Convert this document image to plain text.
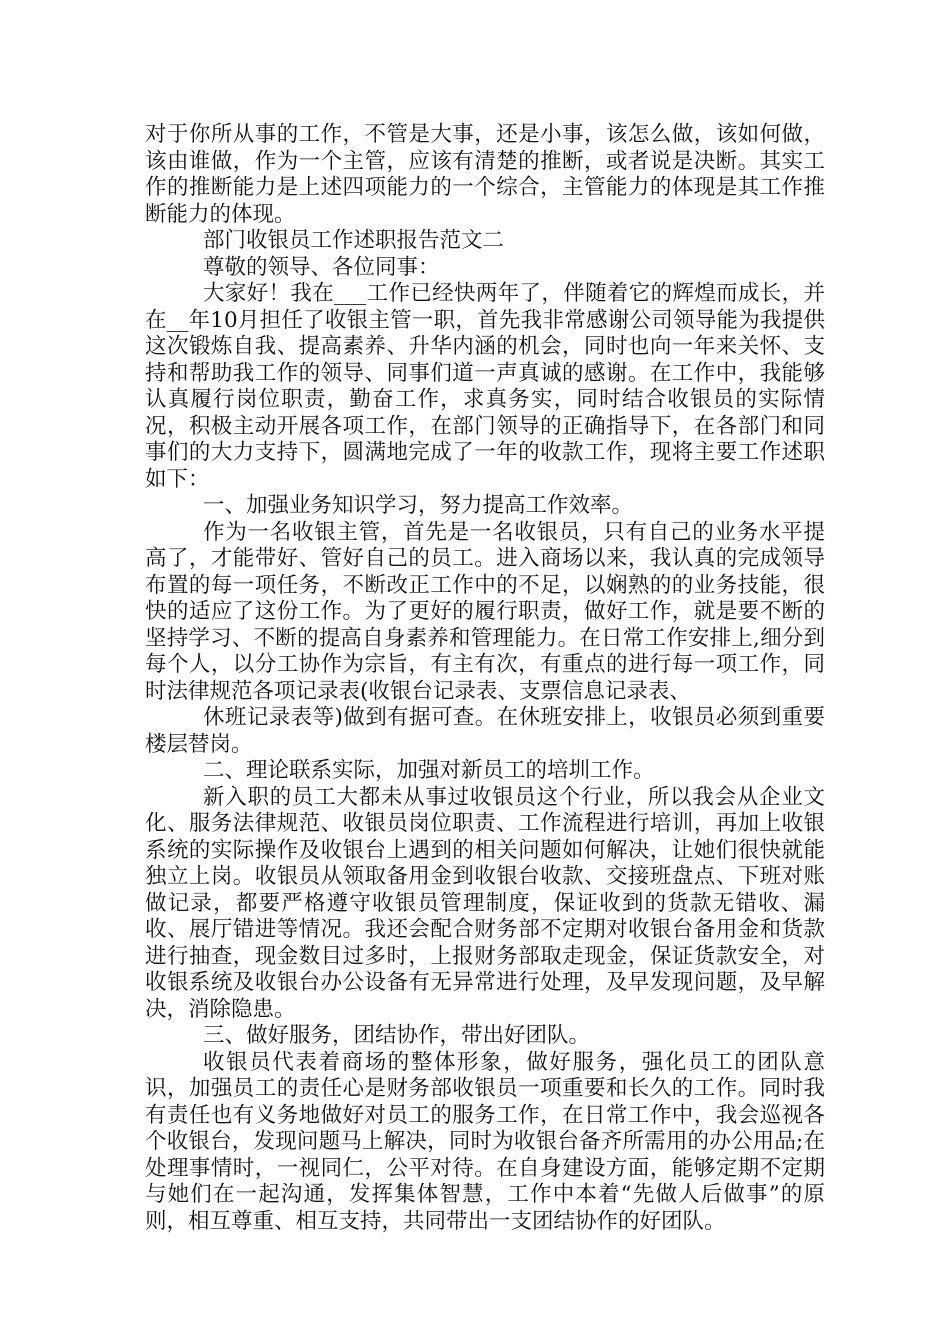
对于你所从事的工作，不管是大事，还是小事，该怎么做，该如何做，该由谁做，作为一个主管，应该有清楚的推断，或者说是决断。其实工作的推断能力是上述四项能力的一个综合，主管能力的体现是其工作推断能力的体现。

部门收银员工作述职报告范文二

尊敬的领导、各位同事：

大家好！我在___工作已经快两年了，伴随着它的辉煌而成长，并在__年10月担任了收银主管一职，首先我非常感谢公司领导能为我提供这次锻炼自我、提高素养、升华内涵的机会，同时也向一年来关怀、支持和帮助我工作的领导、同事们道一声真诚的感谢。在工作中，我能够认真履行岗位职责，勤奋工作，求真务实，同时结合收银员的实际情况，积极主动开展各项工作，在部门领导的正确指导下，在各部门和同事们的大力支持下，圆满地完成了一年的收款工作，现将主要工作述职如下：

一、加强业务知识学习，努力提高工作效率。

作为一名收银主管，首先是一名收银员，只有自己的业务水平提高了，才能带好、管好自己的员工。进入商场以来，我认真的完成领导布置的每一项任务，不断改正工作中的不足，以娴熟的的业务技能，很快的适应了这份工作。为了更好的履行职责，做好工作，就是要不断的坚持学习、不断的提高自身素养和管理能力。在日常工作安排上,细分到每个人，以分工协作为宗旨，有主有次，有重点的进行每一项工作，同时法律规范各项记录表(收银台记录表、支票信息记录表、

休班记录表等)做到有据可查。在休班安排上，收银员必须到重要楼层替岗。

二、理论联系实际，加强对新员工的培圳工作。

新入职的员工大都未从事过收银员这个行业，所以我会从企业文化、服务法律规范、收银员岗位职责、工作流程进行培训，再加上收银系统的实际操作及收银台上遇到的相关问题如何解决，让她们很快就能独立上岗。收银员从领取备用金到收银台收款、交接班盘点、下班对账做记录，都要严格遵守收银员管理制度，保证收到的货款无错收、漏收、展厅错进等情况。我还会配合财务部不定期对收银台备用金和货款进行抽查，现金数目过多时，上报财务部取走现金，保证货款安全，对收银系统及收银台办公设备有无异常进行处理，及早发现问题，及早解决，消除隐患。

三、做好服务，团结协作，带出好团队。

收银员代表着商场的整体形象，做好服务，强化员工的团队意识，加强员工的责任心是财务部收银员一项重要和长久的工作。同时我有责任也有义务地做好对员工的服务工作，在日常工作中，我会巡视各个收银台，发现问题马上解决，同时为收银台备齐所需用的办公用品;在处理事情时，一视同仁，公平对待。在自身建设方面，能够定期不定期与她们在一起沟通，发挥集体智慧，工作中本着“先做人后做事”的原则，相互尊重、相互支持，共同带出一支团结协作的好团队。
